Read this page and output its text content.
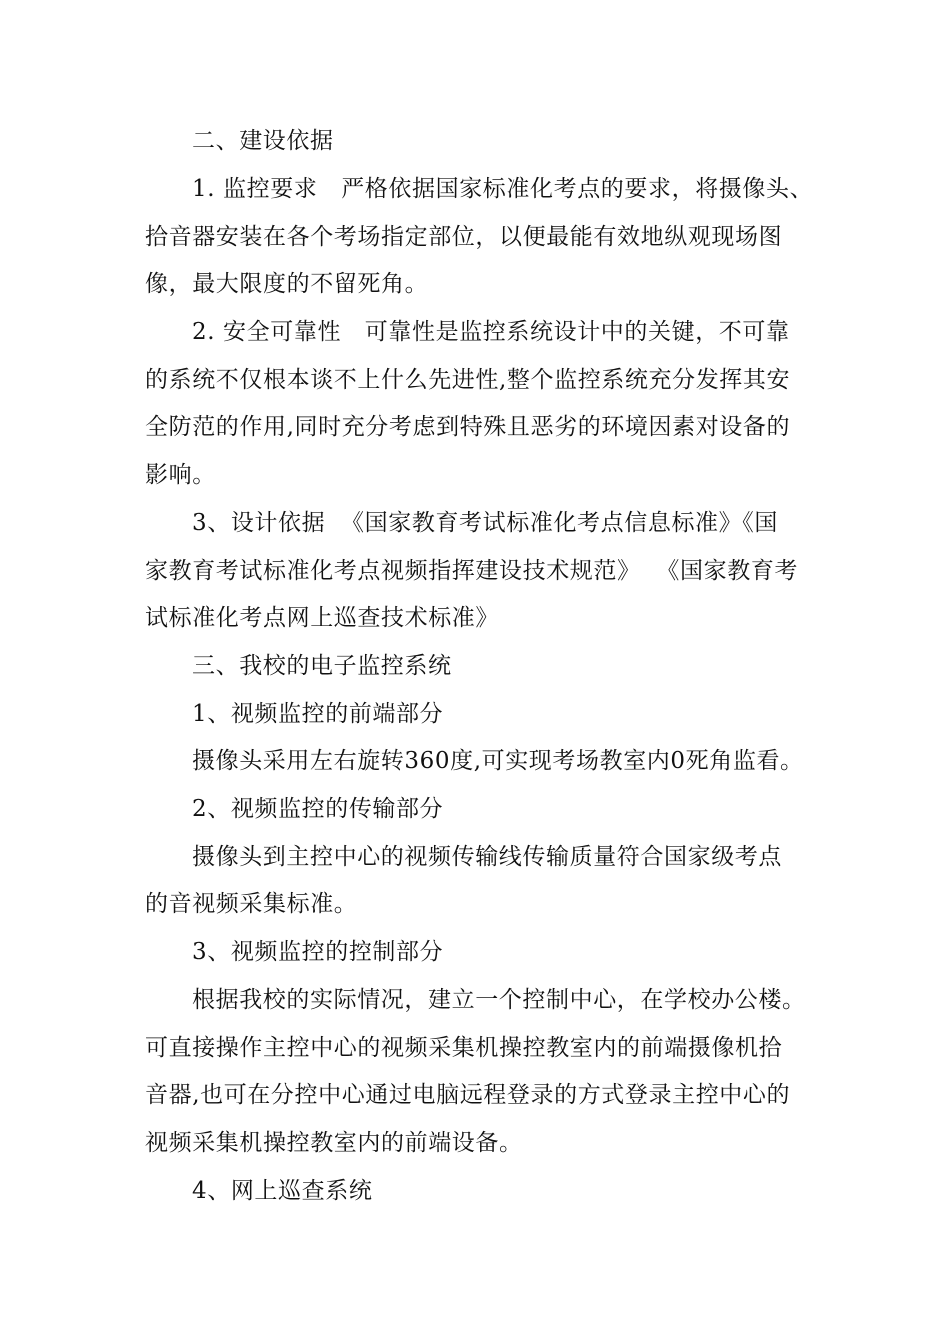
二、建设依据
1. 监控要求   严格依据国家标准化考点的要求，将摄像头、
拾音器安装在各个考场指定部位，以便最能有效地纵观现场图
像，最大限度的不留死角。
2. 安全可靠性   可靠性是监控系统设计中的关键，不可靠
的系统不仅根本谈不上什么先进性,整个监控系统充分发挥其安
全防范的作用,同时充分考虑到特殊且恶劣的环境因素对设备的
影响。
3、设计依据  《国家教育考试标准化考点信息标准》《国
家教育考试标准化考点视频指挥建设技术规范》  《国家教育考
试标准化考点网上巡查技术标准》
三、我校的电子监控系统
1、视频监控的前端部分
摄像头采用左右旋转360度,可实现考场教室内0死角监看。
2、视频监控的传输部分
摄像头到主控中心的视频传输线传输质量符合国家级考点
的音视频采集标准。
3、视频监控的控制部分
根据我校的实际情况，建立一个控制中心，在学校办公楼。
可直接操作主控中心的视频采集机操控教室内的前端摄像机拾
音器,也可在分控中心通过电脑远程登录的方式登录主控中心的
视频采集机操控教室内的前端设备。
4、网上巡查系统
